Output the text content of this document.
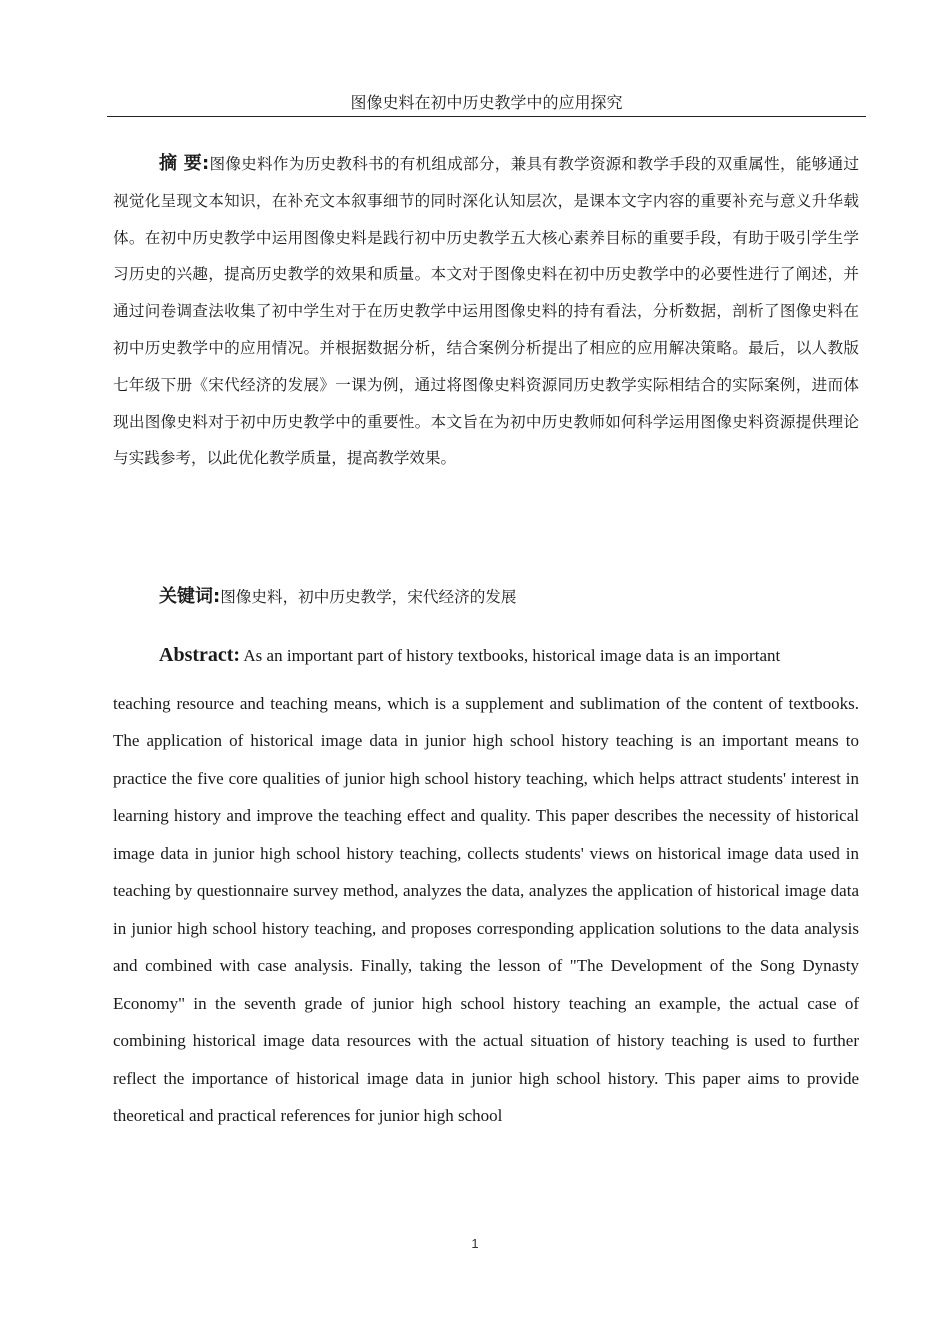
图像史料在初中历史教学中的应用探究

摘 要:图像史料作为历史教科书的有机组成部分，兼具有教学资源和教学手段的双重属性，能够通过视觉化呈现文本知识，在补充文本叙事细节的同时深化认知层次，是课本文字内容的重要补充与意义升华载体。在初中历史教学中运用图像史料是践行初中历史教学五大核心素养目标的重要手段，有助于吸引学生学习历史的兴趣，提高历史教学的效果和质量。本文对于图像史料在初中历史教学中的必要性进行了阐述，并通过问卷调查法收集了初中学生对于在历史教学中运用图像史料的持有看法，分析数据，剖析了图像史料在初中历史教学中的应用情况。并根据数据分析，结合案例分析提出了相应的应用解决策略。最后，以人教版七年级下册《宋代经济的发展》一课为例，通过将图像史料资源同历史教学实际相结合的实际案例，进而体现出图像史料对于初中历史教学中的重要性。本文旨在为初中历史教师如何科学运用图像史料资源提供理论与实践参考，以此优化教学质量，提高教学效果。

关键词:图像史料，初中历史教学，宋代经济的发展

Abstract: As an important part of history textbooks, historical image data is an important
teaching resource and teaching means, which is a supplement and sublimation of the content of textbooks. The application of historical image data in junior high school history teaching is an important means to practice the five core qualities of junior high school history teaching, which helps attract students' interest in learning history and improve the teaching effect and quality. This paper describes the necessity of historical image data in junior high school history teaching, collects students' views on historical image data used in teaching by questionnaire survey method, analyzes the data, analyzes the application of historical image data in junior high school history teaching, and proposes corresponding application solutions to the data analysis and combined with case analysis. Finally, taking the lesson of "The Development of the Song Dynasty Economy" in the seventh grade of junior high school history teaching an example, the actual case of combining historical image data resources with the actual situation of history teaching is used to further reflect the importance of historical image data in junior high school history. This paper aims to provide theoretical and practical references for junior high school

1
